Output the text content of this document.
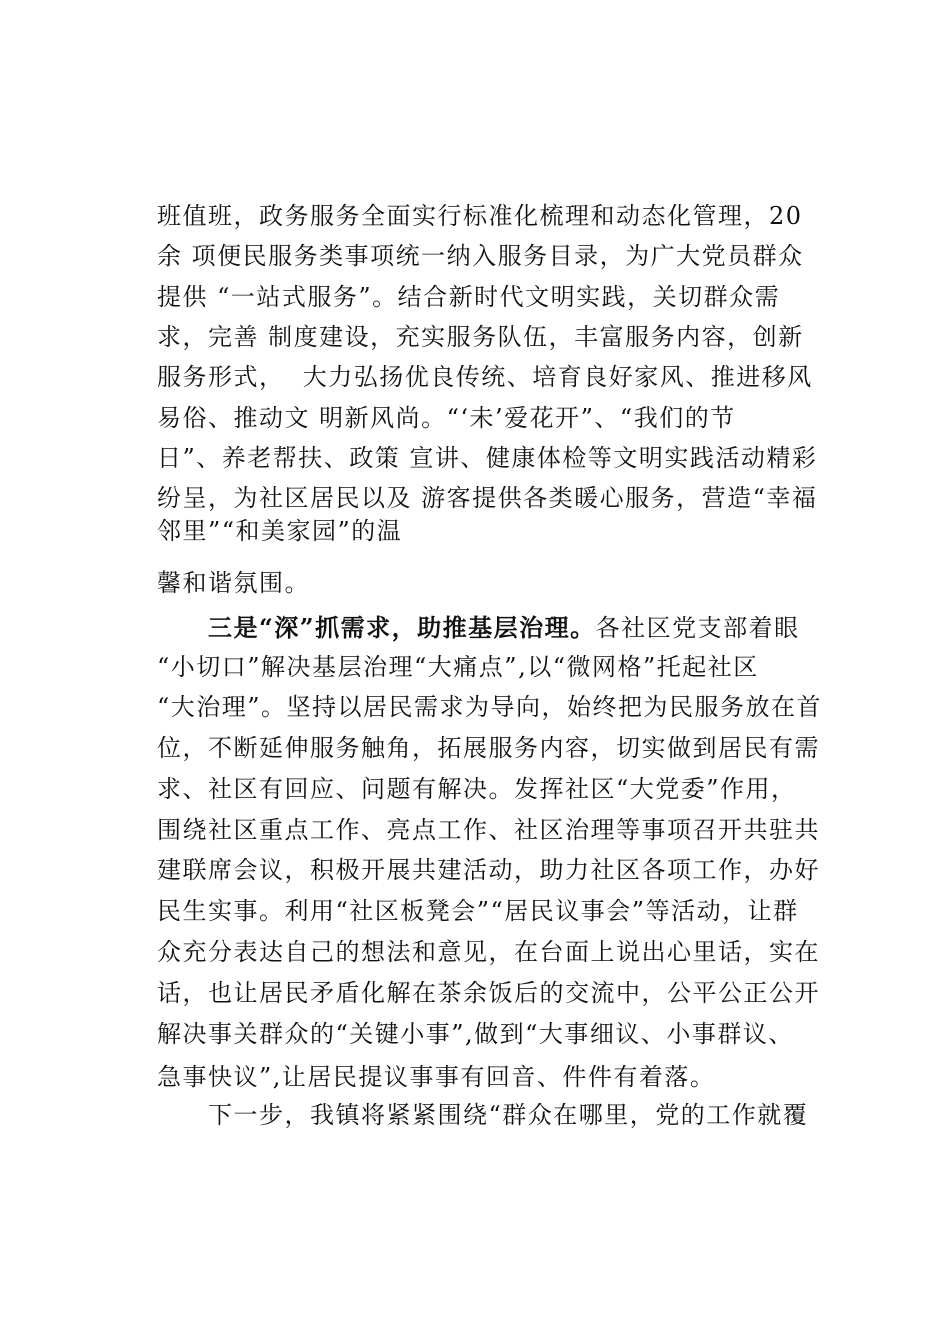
班值班，政务服务全面实行标准化梳理和动态化管理，20

余 项便民服务类事项统一纳入服务目录，为广大党员群众

提供 “一站式服务”。结合新时代文明实践，关切群众需

求，完善 制度建设，充实服务队伍，丰富服务内容，创新

服务形式，  大力弘扬优良传统、培育良好家风、推进移风

易俗、推动文 明新风尚。“‘未’爱花开”、“我们的节

日”、养老帮扶、政策 宣讲、健康体检等文明实践活动精彩

纷呈，为社区居民以及 游客提供各类暖心服务，营造“幸福

邻里”“和美家园”的温

馨和谐氛围。

三是“深”抓需求，助推基层治理。各社区党支部着眼

“小切口”解决基层治理“大痛点”,以“微网格”托起社区

“大治理”。坚持以居民需求为导向，始终把为民服务放在首

位，不断延伸服务触角，拓展服务内容，切实做到居民有需

求、社区有回应、问题有解决。发挥社区“大党委”作用，

围绕社区重点工作、亮点工作、社区治理等事项召开共驻共

建联席会议，积极开展共建活动，助力社区各项工作，办好

民生实事。利用“社区板凳会”“居民议事会”等活动，让群

众充分表达自己的想法和意见，在台面上说出心里话，实在

话，也让居民矛盾化解在茶余饭后的交流中，公平公正公开

解决事关群众的“关键小事”,做到“大事细议、小事群议、

急事快议”,让居民提议事事有回音、件件有着落。

下一步，我镇将紧紧围绕“群众在哪里，党的工作就覆
